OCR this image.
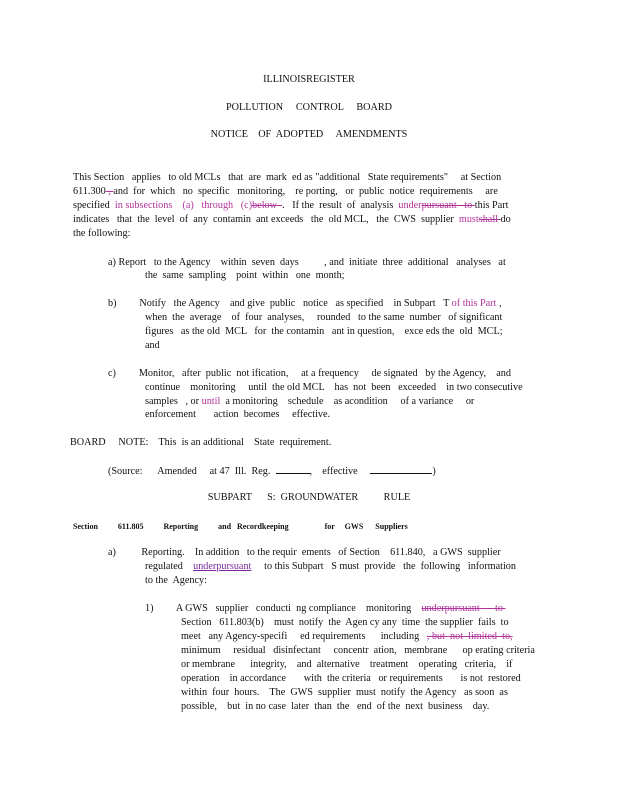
ILLINOISREGISTER
POLLUTION     CONTROL     BOARD
NOTICE    OF  ADOPTED     AMENDMENTS
This Section   applies   to old MCLs   that  are  mark  ed as "additional   State requirements"     at Section
611.300 , and  for  which   no  specific   monitoring,    re porting,   or  public  notice  requirements     are
specified  in subsections    (a)   through   (c)below  .   If the  result  of  analysis  underpursuant   to this Part
indicates   that  the  level  of  any  contamin  ant exceeds   the  old MCL,   the  CWS  supplier  mustshall do
the following:
a) Report   to the Agency    within  seven  days          , and  initiate  three  additional   analyses   at
the  same  sampling    point  within   one  month;
b)         Notify   the Agency    and give  public   notice   as specified    in Subpart   T of this Part ,
when  the  average    of  four  analyses,     rounded   to the same  number   of significant
figures   as the old  MCL   for  the contamin   ant in question,    exce eds the  old  MCL;
and
c)         Monitor,   after  public  not ification,     at a frequency     de signated   by the Agency,    and
continue    monitoring     until  the old MCL    has  not  been   exceeded    in two consecutive
samples   , or until  a monitoring    schedule    as acondition     of a variance     or
enforcement       action  becomes     effective.
BOARD     NOTE:    This  is an additional    State  requirement.
(Source:      Amended     at 47  Ill.  Reg.	,    effective	)
SUBPART      S:  GROUNDWATER          RULE
Section	611.805	Reporting          and   Recordkeeping                  for     GWS      Suppliers
a)          Reporting.    In addition   to the requir  ements   of Section    611.840,   a GWS  supplier
regulated    underpursuant     to this Subpart   S must  provide   the  following   information
to the  Agency:
1)         A GWS   supplier   conducti  ng compliance    monitoring    underpursuant      to
Section   611.803(b)    must  notify  the  Agen cy any  time  the supplier  fails  to
meet   any Agency-specifi     ed requirements      including   , but  not  limited  to,
minimum     residual   disinfectant     concentr  ation,   membrane      op erating criteria
or membrane      integrity,    and  alternative    treatment    operating   criteria,    if
operation    in accordance       with  the criteria   or requirements       is not  restored
within  four  hours.    The  GWS  supplier  must  notify  the Agency   as soon  as
possible,    but  in no case  later  than  the   end  of the  next  business    day.
